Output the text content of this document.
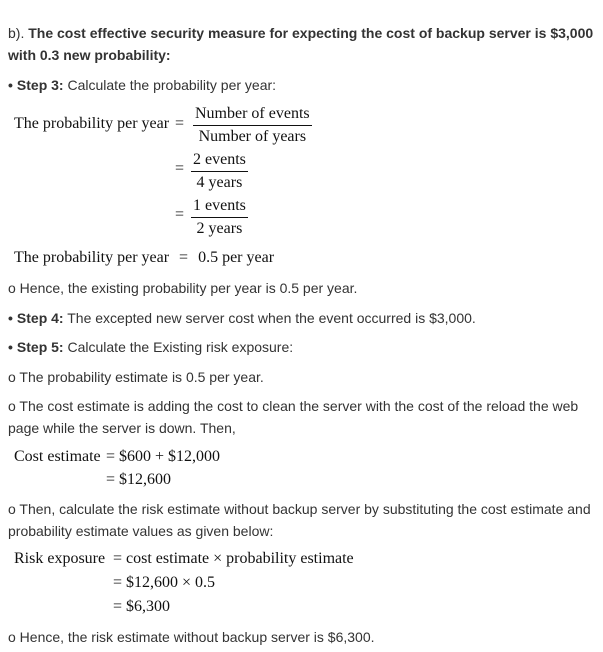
b). The cost effective security measure for expecting the cost of backup server is $3,000 with 0.3 new probability:
• Step 3: Calculate the probability per year:
The probability per year =
Number of events
Number of years
=
2 events
4 years
=
1 events
2 years
The probability per year = 0.5 per year
o Hence, the existing probability per year is 0.5 per year.
• Step 4: The excepted new server cost when the event occurred is $3,000.
• Step 5: Calculate the Existing risk exposure:
o The probability estimate is 0.5 per year.
o The cost estimate is adding the cost to clean the server with the cost of the reload the web page while the server is down. Then,
Cost estimate = $600 + $12,000
= $12,600
o Then, calculate the risk estimate without backup server by substituting the cost estimate and probability estimate values as given below:
Risk exposure = cost estimate × probability estimate
= $12,600 × 0.5
= $6,300
o Hence, the risk estimate without backup server is $6,300.
